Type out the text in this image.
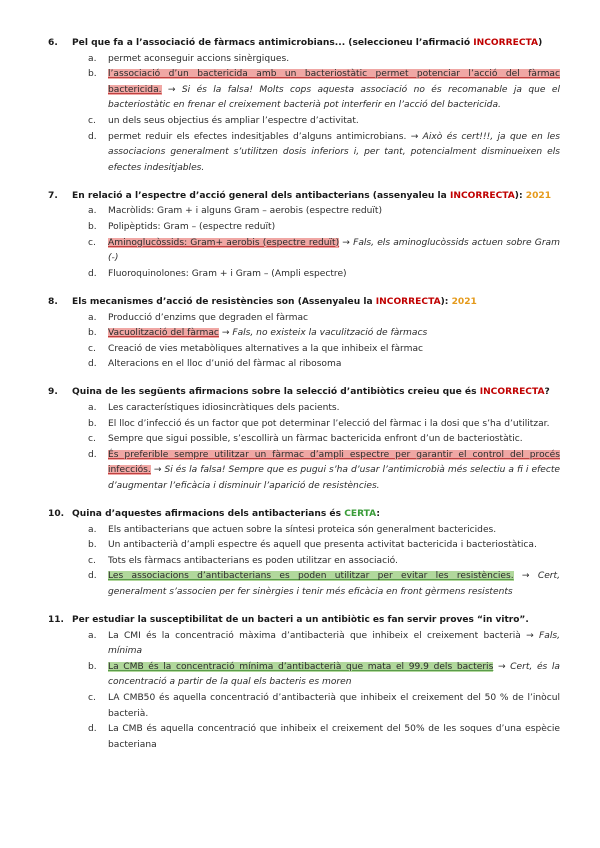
6.	Pel que fa a l’associació de fàrmacs antimicrobians... (seleccioneu l’afirmació INCORRECTA)
a. permet aconseguir accions sinèrgiques.
b. l’associació d’un bactericida amb un bacteriostàtic permet potenciar l’acció del fàrmac bactericida. → Si és la falsa! Molts cops aquesta associació no és recomanable ja que el bacteriostàtic en frenar el creixement bacterià pot interferir en l’acció del bactericida.
c. un dels seus objectius és ampliar l’espectre d’activitat.
d. permet reduir els efectes indesitjables d’alguns antimicrobians. → Això és cert!!!, ja que en les associacions generalment s’utilitzen dosis inferiors i, per tant, potencialment disminueixen els efectes indesitjables.
7.	En relació a l’espectre d’acció general dels antibacterians (assenyaleu la INCORRECTA): 2021
a. Macròlids: Gram + i alguns Gram – aerobis (espectre reduït)
b. Polipèptids: Gram – (espectre reduït)
c. Aminoglucòssids: Gram+ aerobis (espectre reduït) → Fals, els aminoglucòssids actuen sobre Gram (-)
d. Fluoroquinolones: Gram + i Gram – (Ampli espectre)
8.	Els mecanismes d’acció de resistències son (Assenyaleu la INCORRECTA): 2021
a. Producció d’enzims que degraden el fàrmac
b. Vacuolització del fàrmac → Fals, no existeix la vaculització de fàrmacs
c. Creació de vies metabòliques alternatives a la que inhibeix el fàrmac
d. Alteracions en el lloc d’unió del fàrmac al ribosoma
9.	Quina de les següents afirmacions sobre la selecció d’antibiòtics creieu que és INCORRECTA?
a. Les característiques idiosincràtiques dels pacients.
b. El lloc d’infecció és un factor que pot determinar l’elecció del fàrmac i la dosi que s’ha d’utilitzar.
c. Sempre que sigui possible, s’escollirà un fàrmac bactericida enfront d’un de bacteriostàtic.
d. És preferible sempre utilitzar un fàrmac d’ampli espectre per garantir el control del procés infecciós. → Si és la falsa! Sempre que es pugui s’ha d’usar l’antimicrobià més selectiu a fi i efecte d’augmentar l’eficàcia i disminuir l’aparició de resistències.
10. Quina d’aquestes afirmacions dels antibacterians és CERTA:
a. Els antibacterians que actuen sobre la síntesi proteica són generalment bactericides.
b. Un antibacterià d’ampli espectre és aquell que presenta activitat bactericida i bacteriostàtica.
c. Tots els fàrmacs antibacterians es poden utilitzar en associació.
d. Les associacions d’antibacterians es poden utilitzar per evitar les resistències. → Cert, generalment s’associen per fer sinèrgies i tenir més eficàcia en front gèrmens resistents
11. Per estudiar la susceptibilitat de un bacteri a un antibiòtic es fan servir proves “in vitro”.
a. La CMI és la concentració màxima d’antibacterià que inhibeix el creixement bacterià → Fals, mínima
b. La CMB és la concentració mínima d’antibacterià que mata el 99.9 dels bacteris → Cert, és la concentració a partir de la qual els bacteris es moren
c. LA CMB50 és aquella concentració d’antibacterià que inhibeix el creixement del 50 % de l’inòcul bacterià.
d. La CMB és aquella concentració que inhibeix el creixement del 50% de les soques d’una espècie bacteriana
